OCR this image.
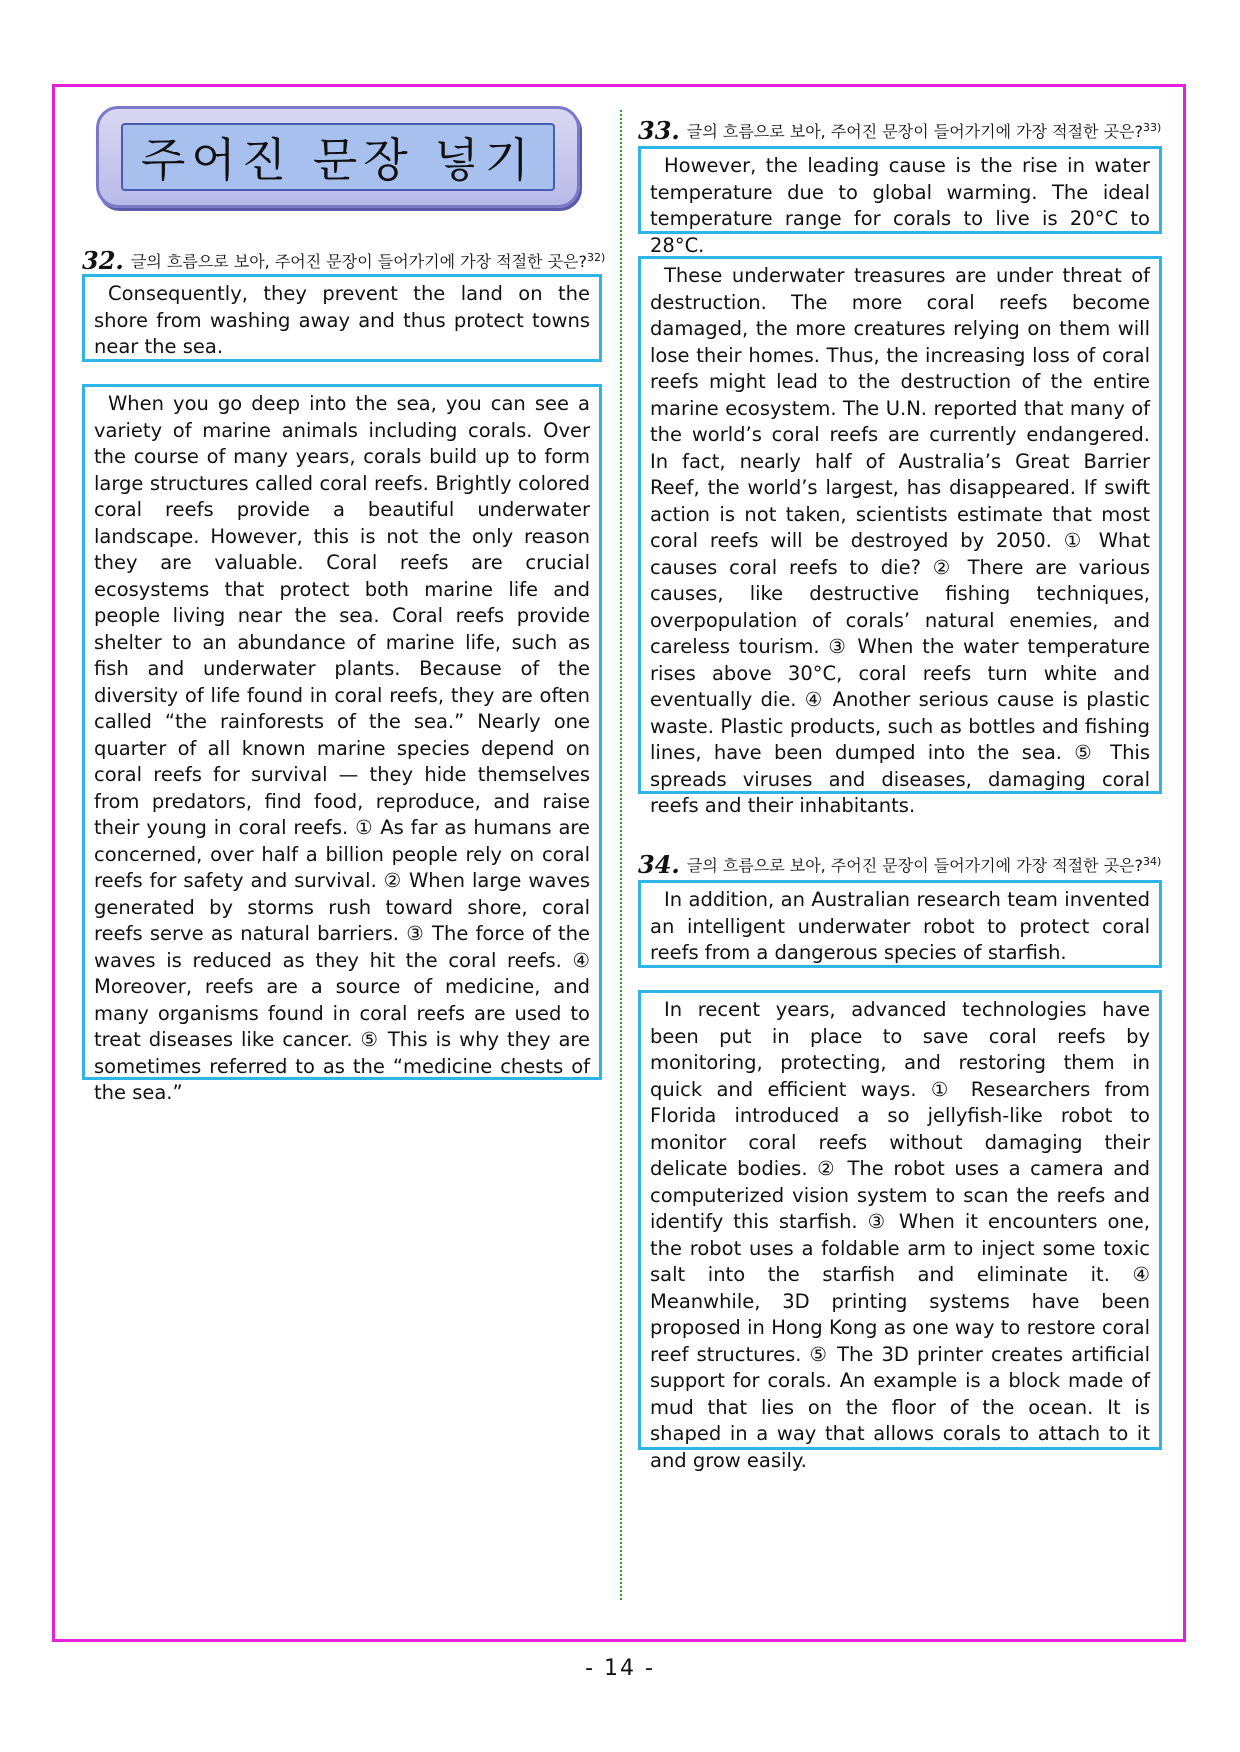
주어진 문장 넣기
32. 글의 흐름으로 보아, 주어진 문장이 들어가기에 가장 적절한 곳은?$^{32)}$

Consequently, they prevent the land on the shore from washing away and thus protect towns near the sea.

When you go deep into the sea, you can see a variety of marine animals including corals. Over the course of many years, corals build up to form large structures called coral reefs. Brightly colored coral reefs provide a beautiful underwater landscape. However, this is not the only reason they are valuable. Coral reefs are crucial ecosystems that protect both marine life and people living near the sea. Coral reefs provide shelter to an abundance of marine life, such as fish and underwater plants. Because of the diversity of life found in coral reefs, they are often called “the rainforests of the sea.” Nearly one quarter of all known marine species depend on coral reefs for survival — they hide themselves from predators, find food, reproduce, and raise their young in coral reefs. ① As far as humans are concerned, over half a billion people rely on coral reefs for safety and survival. ② When large waves generated by storms rush toward shore, coral reefs serve as natural barriers. ③ The force of the waves is reduced as they hit the coral reefs. ④ Moreover, reefs are a source of medicine, and many organisms found in coral reefs are used to treat diseases like cancer. ⑤ This is why they are sometimes referred to as the “medicine chests of the sea.”

33. 글의 흐름으로 보아, 주어진 문장이 들어가기에 가장 적절한 곳은?$^{33)}$

However, the leading cause is the rise in water temperature due to global warming. The ideal temperature range for corals to live is 20°C to 28°C.

These underwater treasures are under threat of destruction. The more coral reefs become damaged, the more creatures relying on them will lose their homes. Thus, the increasing loss of coral reefs might lead to the destruction of the entire marine ecosystem. The U.N. reported that many of the world’s coral reefs are currently endangered. In fact, nearly half of Australia’s Great Barrier Reef, the world’s largest, has disappeared. If swift action is not taken, scientists estimate that most coral reefs will be destroyed by 2050. ① What causes coral reefs to die? ② There are various causes, like destructive fishing techniques, overpopulation of corals’ natural enemies, and careless tourism. ③ When the water temperature rises above 30°C, coral reefs turn white and eventually die. ④ Another serious cause is plastic waste. Plastic products, such as bottles and fishing lines, have been dumped into the sea. ⑤ This spreads viruses and diseases, damaging coral reefs and their inhabitants.

34. 글의 흐름으로 보아, 주어진 문장이 들어가기에 가장 적절한 곳은?$^{34)}$

In addition, an Australian research team invented an intelligent underwater robot to protect coral reefs from a dangerous species of starfish.

In recent years, advanced technologies have been put in place to save coral reefs by monitoring, protecting, and restoring them in quick and efficient ways. ① Researchers from Florida introduced a so jellyfish-like robot to monitor coral reefs without damaging their delicate bodies. ② The robot uses a camera and computerized vision system to scan the reefs and identify this starfish. ③ When it encounters one, the robot uses a foldable arm to inject some toxic salt into the starfish and eliminate it. ④ Meanwhile, 3D printing systems have been proposed in Hong Kong as one way to restore coral reef structures. ⑤ The 3D printer creates artificial support for corals. An example is a block made of mud that lies on the floor of the ocean. It is shaped in a way that allows corals to attach to it and grow easily.

- 14 -
